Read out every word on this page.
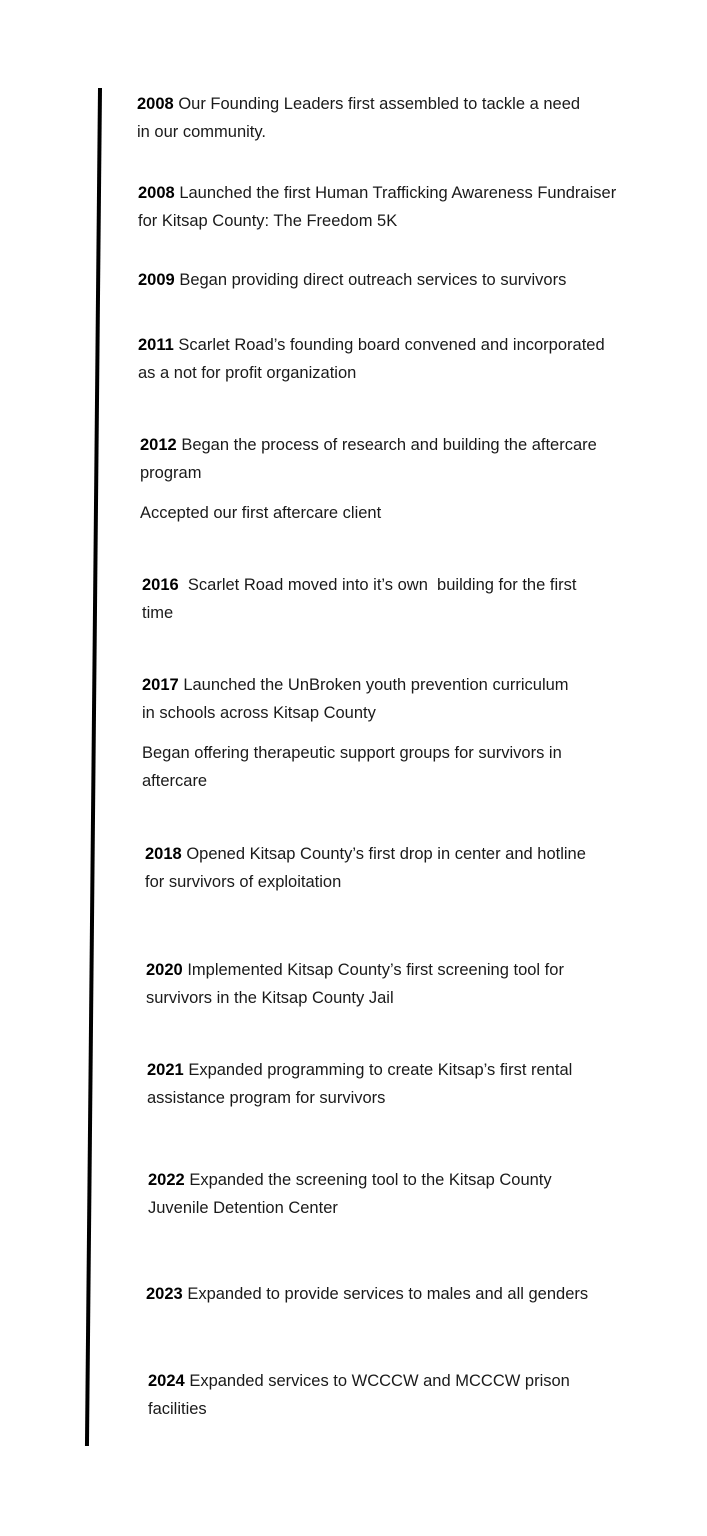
2008 Our Founding Leaders first assembled to tackle a need
in our community.
2008 Launched the first Human Trafficking Awareness Fundraiser
for Kitsap County: The Freedom 5K
2009 Began providing direct outreach services to survivors
2011 Scarlet Road’s founding board convened and incorporated
as a not for profit organization
2012 Began the process of research and building the aftercare
program
Accepted our first aftercare client
2016  Scarlet Road moved into it’s own  building for the first
time
2017 Launched the UnBroken youth prevention curriculum
in schools across Kitsap County
Began offering therapeutic support groups for survivors in
aftercare
2018 Opened Kitsap County’s first drop in center and hotline
for survivors of exploitation
2020 Implemented Kitsap County’s first screening tool for
survivors in the Kitsap County Jail
2021 Expanded programming to create Kitsap’s first rental
assistance program for survivors
2022 Expanded the screening tool to the Kitsap County
Juvenile Detention Center
2023 Expanded to provide services to males and all genders
2024 Expanded services to WCCCW and MCCCW prison
facilities
